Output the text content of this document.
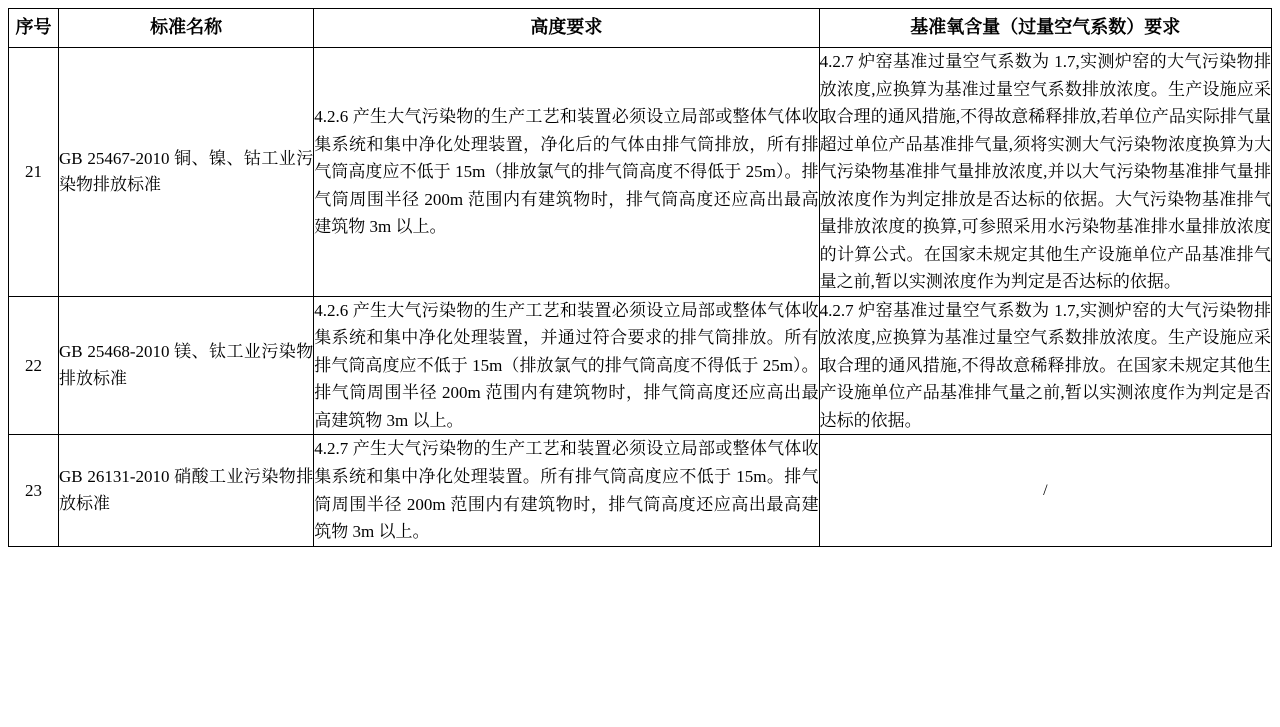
序号	标准名称	高度要求	基准氧含量（过量空气系数）要求
21	GB 25467-2010 铜、镍、钴工业污染物排放标准	4.2.6 产生大气污染物的生产工艺和装置必须设立局部或整体气体收集系统和集中净化处理装置，净化后的气体由排气筒排放，所有排气筒高度应不低于 15m（排放氯气的排气筒高度不得低于 25m）。排气筒周围半径 200m 范围内有建筑物时，排气筒高度还应高出最高建筑物 3m 以上。	4.2.7 炉窑基准过量空气系数为 1.7,实测炉窑的大气污染物排放浓度,应换算为基准过量空气系数排放浓度。生产设施应采取合理的通风措施,不得故意稀释排放,若单位产品实际排气量超过单位产品基准排气量,须将实测大气污染物浓度换算为大气污染物基准排气量排放浓度,并以大气污染物基准排气量排放浓度作为判定排放是否达标的依据。大气污染物基准排气量排放浓度的换算,可参照采用水污染物基准排水量排放浓度的计算公式。在国家未规定其他生产设施单位产品基准排气量之前,暂以实测浓度作为判定是否达标的依据。
22	GB 25468-2010 镁、钛工业污染物排放标准	4.2.6 产生大气污染物的生产工艺和装置必须设立局部或整体气体收集系统和集中净化处理装置，并通过符合要求的排气筒排放。所有排气筒高度应不低于 15m（排放氯气的排气筒高度不得低于 25m）。排气筒周围半径 200m 范围内有建筑物时，排气筒高度还应高出最高建筑物 3m 以上。	4.2.7 炉窑基准过量空气系数为 1.7,实测炉窑的大气污染物排放浓度,应换算为基准过量空气系数排放浓度。生产设施应采取合理的通风措施,不得故意稀释排放。在国家未规定其他生产设施单位产品基准排气量之前,暂以实测浓度作为判定是否达标的依据。
23	GB 26131-2010 硝酸工业污染物排放标准	4.2.7 产生大气污染物的生产工艺和装置必须设立局部或整体气体收集系统和集中净化处理装置。所有排气筒高度应不低于 15m。排气筒周围半径 200m 范围内有建筑物时，排气筒高度还应高出最高建筑物 3m 以上。	/
